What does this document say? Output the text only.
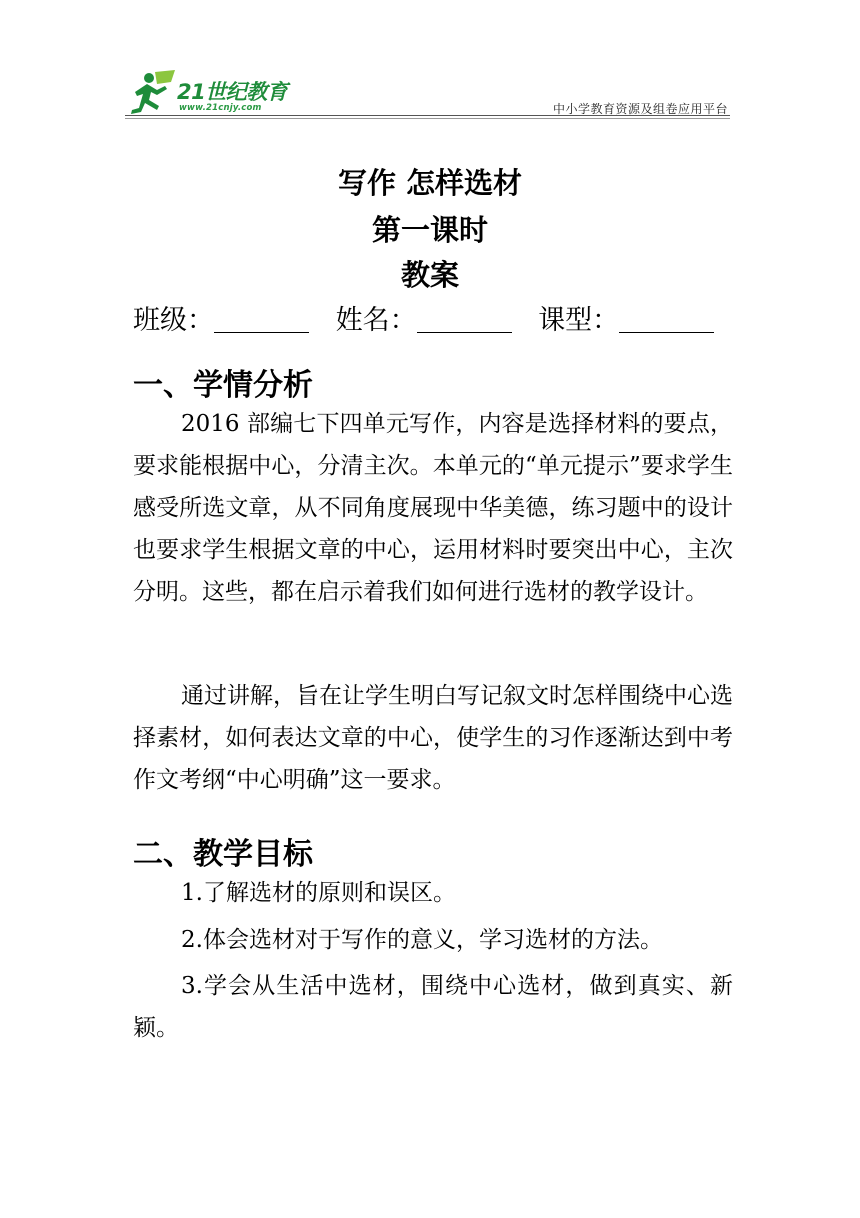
21世纪教育
www.21cnjy.com	中小学教育资源及组卷应用平台
写作 怎样选材
第一课时
教案
班级：	姓名：	课型：
一、学情分析

2016 部编七下四单元写作，内容是选择材料的要点，要求能根据中心，分清主次。本单元的“单元提示”要求学生感受所选文章，从不同角度展现中华美德，练习题中的设计也要求学生根据文章的中心，运用材料时要突出中心，主次分明。这些，都在启示着我们如何进行选材的教学设计。

通过讲解，旨在让学生明白写记叙文时怎样围绕中心选择素材，如何表达文章的中心，使学生的习作逐渐达到中考作文考纲“中心明确”这一要求。

二、教学目标

1.了解选材的原则和误区。

2.体会选材对于写作的意义，学习选材的方法。

3.学会从生活中选材，围绕中心选材，做到真实、新颖。
